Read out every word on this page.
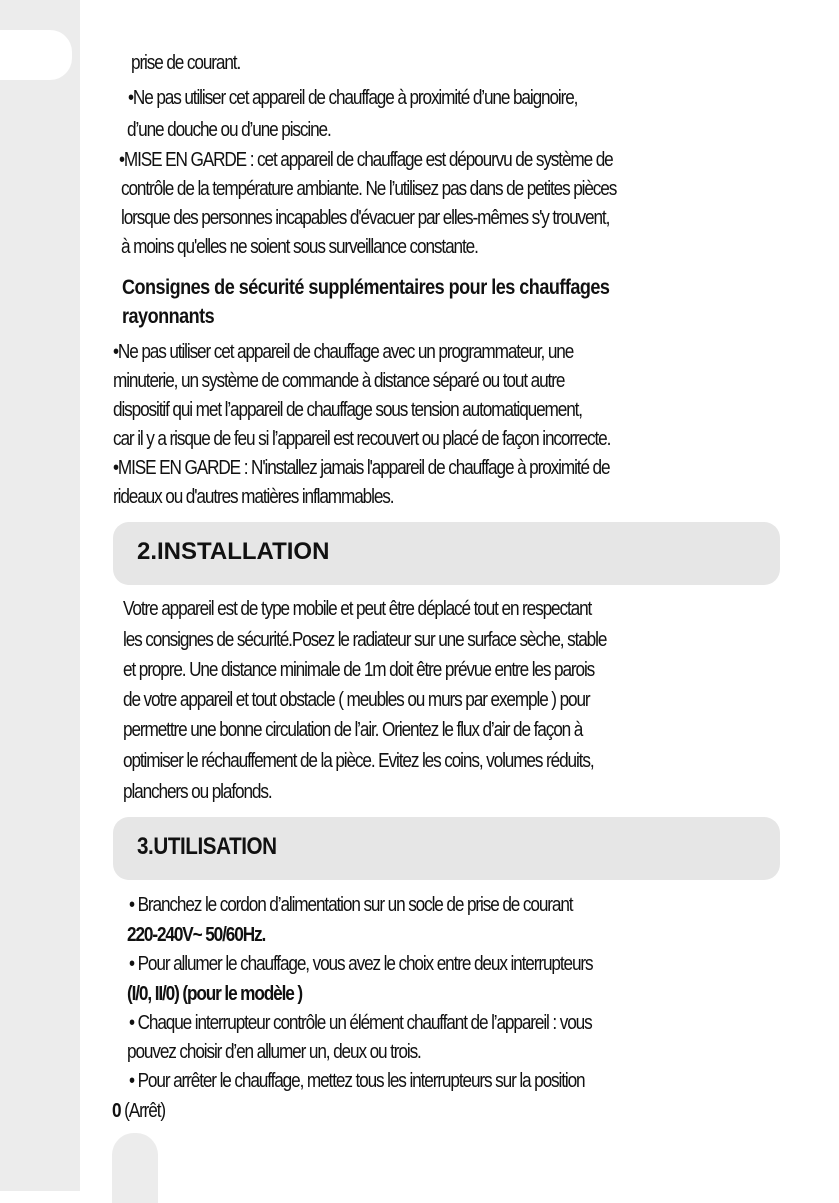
prise de courant.
•Ne pas utiliser cet appareil de chauffage à proximité d’une baignoire,
d’une douche ou d’une piscine.
•MISE EN GARDE : cet appareil de chauffage est dépourvu de système de
contrôle de la température ambiante. Ne l’utilisez pas dans de petites pièces
lorsque des personnes incapables d'évacuer par elles-mêmes s'y trouvent,
à moins qu'elles ne soient sous surveillance constante.
Consignes de sécurité supplémentaires pour les chauffages
rayonnants
•Ne pas utiliser cet appareil de chauffage avec un programmateur, une
minuterie, un système de commande à distance séparé ou tout autre
dispositif qui met l’appareil de chauffage sous tension automatiquement,
car il y a risque de feu si l’appareil est recouvert ou placé de façon incorrecte.
•MISE EN GARDE : N'installez jamais l'appareil de chauffage à proximité de
rideaux ou d'autres matières inflammables.
2.INSTALLATION
Votre appareil est de type mobile et peut être déplacé tout en respectant
les consignes de sécurité.Posez le radiateur sur une surface sèche, stable
et propre. Une distance minimale de 1m doit être prévue entre les parois
de votre appareil et tout obstacle ( meubles ou murs par exemple ) pour
permettre une bonne circulation de l’air. Orientez le flux d’air de façon à
optimiser le réchauffement de la pièce. Evitez les coins, volumes réduits,
planchers ou plafonds.
3.UTILISATION
• Branchez le cordon d’alimentation sur un socle de prise de courant
220-240V~ 50/60Hz.
• Pour allumer le chauffage, vous avez le choix entre deux interrupteurs
(I/0, II/0) (pour le modèle )
• Chaque interrupteur contrôle un élément chauffant de l’appareil : vous
pouvez choisir d’en allumer un, deux ou trois.
• Pour arrêter le chauffage, mettez tous les interrupteurs sur la position
0 (Arrêt)
